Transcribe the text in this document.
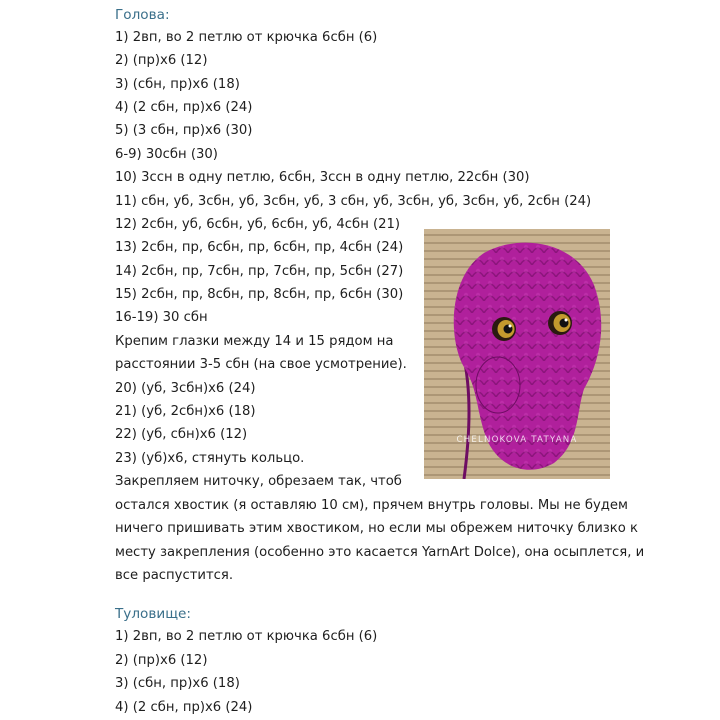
Голова:
1) 2вп, во 2 петлю от крючка 6сбн (6)
2) (пр)х6 (12)
3) (сбн, пр)х6 (18)
4) (2 сбн, пр)х6 (24)
5) (3 сбн, пр)х6 (30)
6-9) 30сбн (30)
10) 3ссн в одну петлю, 6сбн, 3ссн в одну петлю, 22сбн (30)
11) сбн, уб, 3сбн, уб, 3сбн, уб, 3 сбн, уб, 3сбн, уб, 3сбн, уб, 2сбн (24)
12) 2сбн, уб, 6сбн, уб, 6сбн, уб, 4сбн (21)
13) 2сбн, пр, 6сбн, пр, 6сбн, пр, 4сбн (24)
14) 2сбн, пр, 7сбн, пр, 7сбн, пр, 5сбн (27)
15) 2сбн, пр, 8сбн, пр, 8сбн, пр, 6сбн (30)
16-19) 30 сбн
Крепим глазки между 14 и 15 рядом на
расстоянии 3-5 сбн (на свое усмотрение).
20) (уб, 3сбн)х6 (24)
21) (уб, 2сбн)х6 (18)
22) (уб, сбн)х6 (12)
23) (уб)х6, стянуть кольцо.
Закрепляем ниточку, обрезаем так, чтоб
остался хвостик (я оставляю 10 см), прячем внутрь головы. Мы не будем
ничего пришивать этим хвостиком, но если мы обрежем ниточку близко к
месту закрепления (особенно это касается YarnArt Dolce), она осыплется, и
все распустится.
Туловище:
1) 2вп, во 2 петлю от крючка 6сбн (6)
2) (пр)х6 (12)
3) (сбн, пр)х6 (18)
4) (2 сбн, пр)х6 (24)
CHELNOKOVA TATYANA
